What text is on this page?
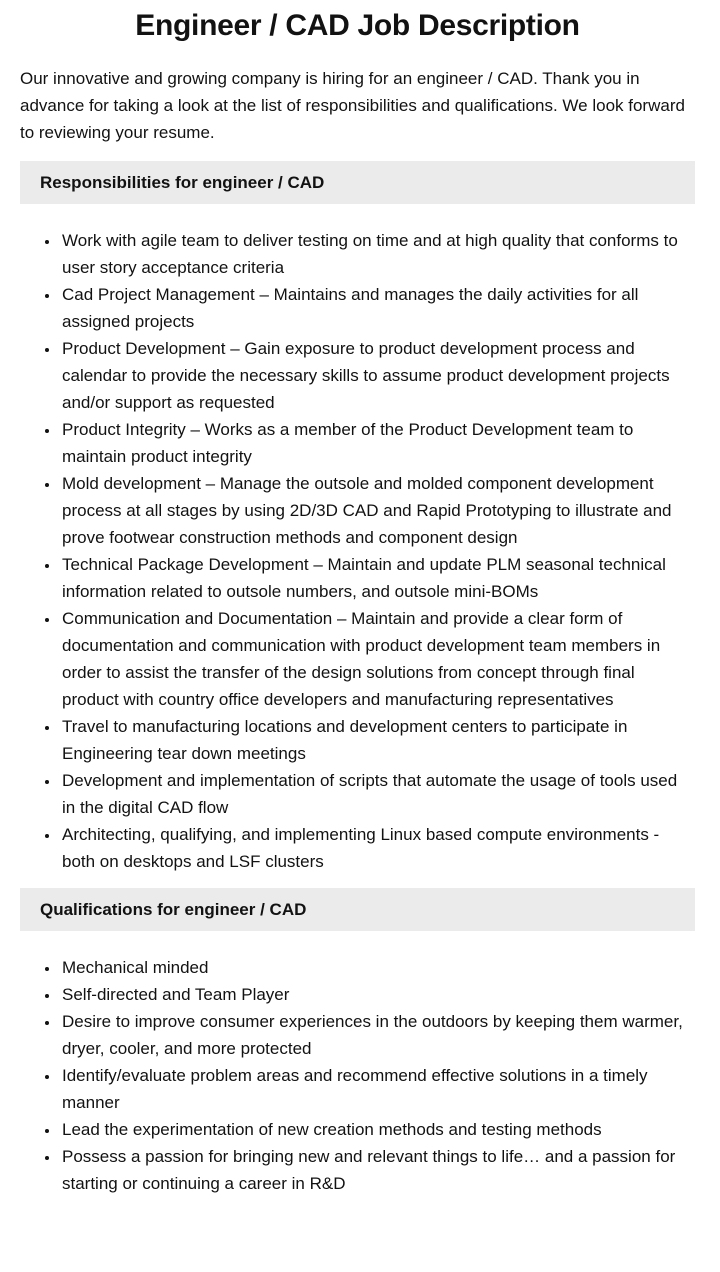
Engineer / CAD Job Description

Our innovative and growing company is hiring for an engineer / CAD. Thank you in advance for taking a look at the list of responsibilities and qualifications. We look forward to reviewing your resume.

Responsibilities for engineer / CAD
• Work with agile team to deliver testing on time and at high quality that conforms to user story acceptance criteria
• Cad Project Management – Maintains and manages the daily activities for all assigned projects
• Product Development – Gain exposure to product development process and calendar to provide the necessary skills to assume product development projects and/or support as requested
• Product Integrity – Works as a member of the Product Development team to maintain product integrity
• Mold development – Manage the outsole and molded component development process at all stages by using 2D/3D CAD and Rapid Prototyping to illustrate and prove footwear construction methods and component design
• Technical Package Development – Maintain and update PLM seasonal technical information related to outsole numbers, and outsole mini-BOMs
• Communication and Documentation – Maintain and provide a clear form of documentation and communication with product development team members in order to assist the transfer of the design solutions from concept through final product with country office developers and manufacturing representatives
• Travel to manufacturing locations and development centers to participate in Engineering tear down meetings
• Development and implementation of scripts that automate the usage of tools used in the digital CAD flow
• Architecting, qualifying, and implementing Linux based compute environments - both on desktops and LSF clusters
Qualifications for engineer / CAD
• Mechanical minded
• Self-directed and Team Player
• Desire to improve consumer experiences in the outdoors by keeping them warmer, dryer, cooler, and more protected
• Identify/evaluate problem areas and recommend effective solutions in a timely manner
• Lead the experimentation of new creation methods and testing methods
• Possess a passion for bringing new and relevant things to life… and a passion for starting or continuing a career in R&D
